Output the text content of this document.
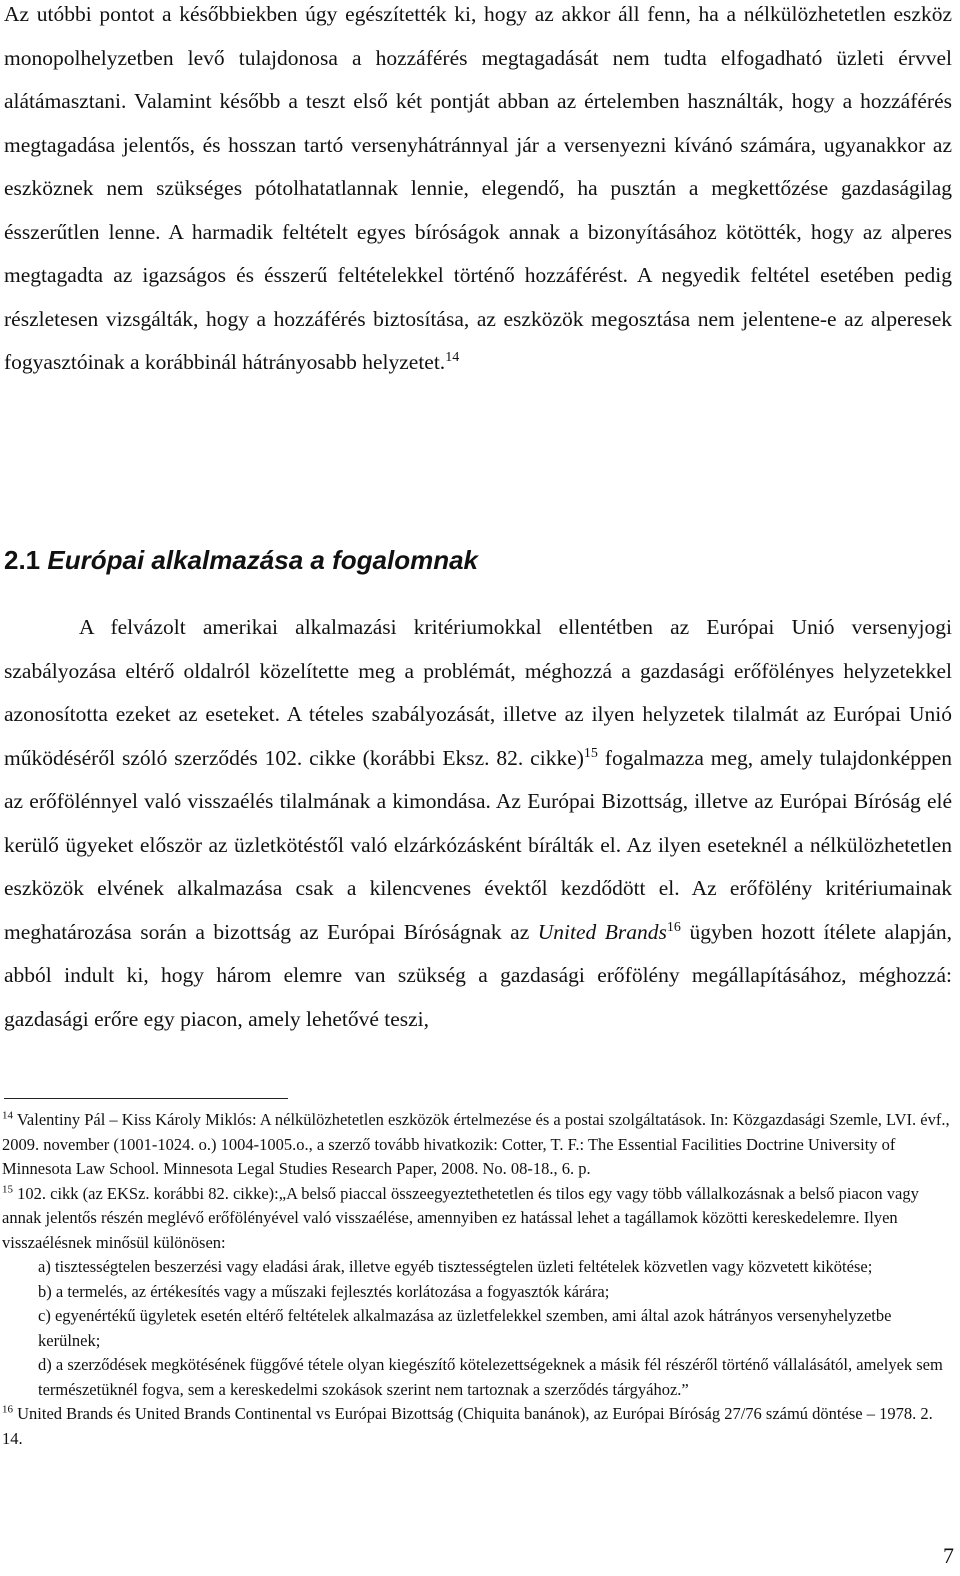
Az utóbbi pontot a későbbiekben úgy egészítették ki, hogy az akkor áll fenn, ha a nélkülözhetetlen eszköz monopolhelyzetben levő tulajdonosa a hozzáférés megtagadását nem tudta elfogadható üzleti érvvel alátámasztani. Valamint később a teszt első két pontját abban az értelemben használták, hogy a hozzáférés megtagadása jelentős, és hosszan tartó versenyhátránnyal jár a versenyezni kívánó számára, ugyanakkor az eszköznek nem szükséges pótolhatatlannak lennie, elegendő, ha pusztán a megkettőzése gazdaságilag ésszerűtlen lenne. A harmadik feltételt egyes bíróságok annak a bizonyításához kötötték, hogy az alperes megtagadta az igazságos és ésszerű feltételekkel történő hozzáférést. A negyedik feltétel esetében pedig részletesen vizsgálták, hogy a hozzáférés biztosítása, az eszközök megosztása nem jelentene-e az alperesek fogyasztóinak a korábbinál hátrányosabb helyzetet.$^{14}$

2.1 Európai alkalmazása a fogalomnak

A felvázolt amerikai alkalmazási kritériumokkal ellentétben az Európai Unió versenyjogi szabályozása eltérő oldalról közelítette meg a problémát, méghozzá a gazdasági erőfölényes helyzetekkel azonosította ezeket az eseteket. A tételes szabályozását, illetve az ilyen helyzetek tilalmát az Európai Unió működéséről szóló szerződés 102. cikke (korábbi Eksz. 82. cikke)$^{15}$ fogalmazza meg, amely tulajdonképpen az erőfölénnyel való visszaélés tilalmának a kimondása. Az Európai Bizottság, illetve az Európai Bíróság elé kerülő ügyeket először az üzletkötéstől való elzárkózásként bírálták el. Az ilyen eseteknél a nélkülözhetetlen eszközök elvének alkalmazása csak a kilencvenes évektől kezdődött el. Az erőfölény kritériumainak meghatározása során a bizottság az Európai Bíróságnak az United Brands$^{16}$ ügyben hozott ítélete alapján, abból indult ki, hogy három elemre van szükség a gazdasági erőfölény megállapításához, méghozzá: gazdasági erőre egy piacon, amely lehetővé teszi,

$^{14}$ Valentiny Pál – Kiss Károly Miklós: A nélkülözhetetlen eszközök értelmezése és a postai szolgáltatások. In: Közgazdasági Szemle, LVI. évf., 2009. november (1001-1024. o.) 1004-1005.o., a szerző tovább hivatkozik: Cotter, T. F.: The Essential Facilities Doctrine University of Minnesota Law School. Minnesota Legal Studies Research Paper, 2008. No. 08-18., 6. p.

$^{15}$ 102. cikk (az EKSz. korábbi 82. cikke):„A belső piaccal összeegyeztethetetlen és tilos egy vagy több vállalkozásnak a belső piacon vagy annak jelentős részén meglévő erőfölényével való visszaélése, amennyiben ez hatással lehet a tagállamok közötti kereskedelemre. Ilyen visszaélésnek minősül különösen:

a) tisztességtelen beszerzési vagy eladási árak, illetve egyéb tisztességtelen üzleti feltételek közvetlen vagy közvetett kikötése;
b) a termelés, az értékesítés vagy a műszaki fejlesztés korlátozása a fogyasztók kárára;
c) egyenértékű ügyletek esetén eltérő feltételek alkalmazása az üzletfelekkel szemben, ami által azok hátrányos versenyhelyzetbe kerülnek;
d) a szerződések megkötésének függővé tétele olyan kiegészítő kötelezettségeknek a másik fél részéről történő vállalásától, amelyek sem természetüknél fogva, sem a kereskedelmi szokások szerint nem tartoznak a szerződés tárgyához.”

$^{16}$ United Brands és United Brands Continental vs Európai Bizottság (Chiquita banánok), az Európai Bíróság 27/76 számú döntése – 1978. 2. 14.

7
